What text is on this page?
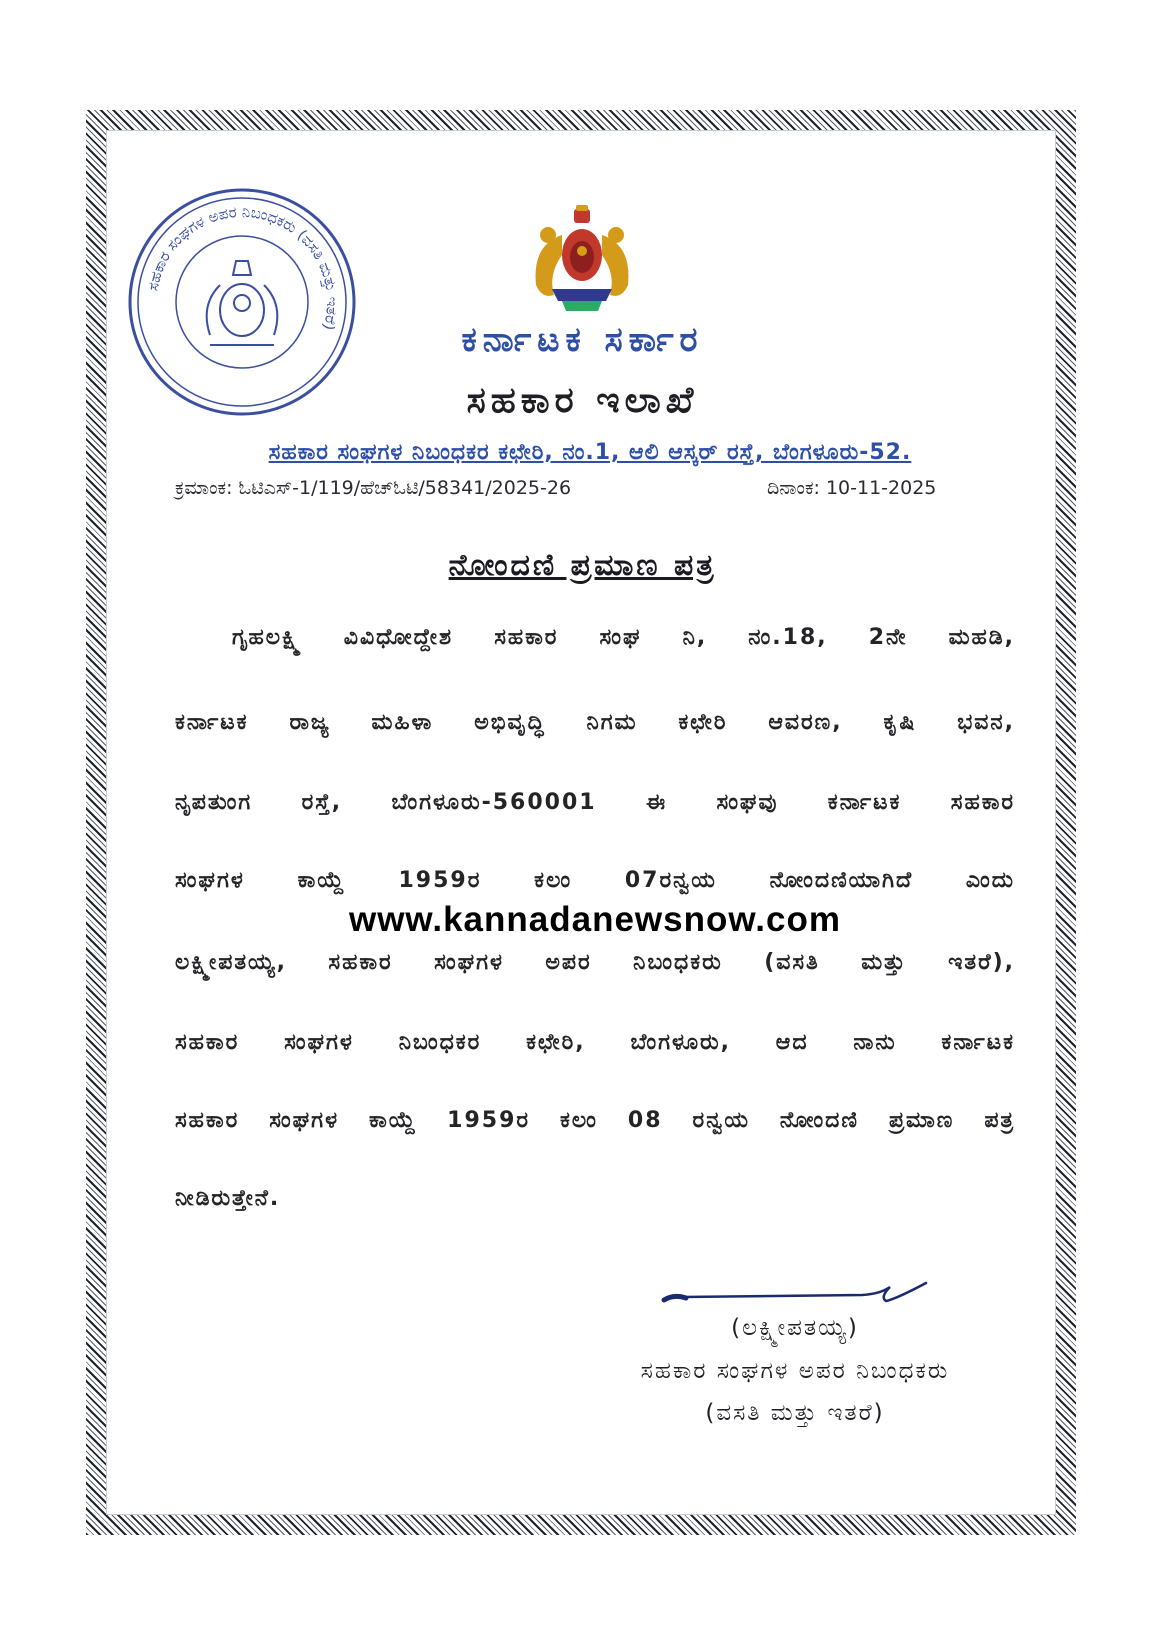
ಸಹಕಾರ ಸಂಘಗಳ ಅಪರ ನಿಬಂಧಕರು (ವಸತಿ ಮತ್ತು ಇತರೆ)	ಕರ್ನಾಟಕ ಸರ್ಕಾರ
ಸಹಕಾರ ಇಲಾಖೆ
ಸಹಕಾರ ಸಂಘಗಳ ನಿಬಂಧಕರ ಕಛೇರಿ, ನಂ.1, ಆಲಿ ಆಸ್ಕರ್ ರಸ್ತೆ, ಬೆಂಗಳೂರು-52.
ಕ್ರಮಾಂಕ: ಓಟಿಎಸ್-1/119/ಹೆಚ್‌ಓಟಿ/58341/2025-26	ದಿನಾಂಕ: 10-11-2025
ನೋಂದಣಿ ಪ್ರಮಾಣ ಪತ್ರ
ಗೃಹಲಕ್ಷ್ಮಿ ವಿವಿಧೋದ್ದೇಶ ಸಹಕಾರ ಸಂಘ ನಿ, ನಂ.18, 2ನೇ ಮಹಡಿ,
ಕರ್ನಾಟಕ ರಾಜ್ಯ ಮಹಿಳಾ ಅಭಿವೃದ್ಧಿ ನಿಗಮ ಕಛೇರಿ ಆವರಣ, ಕೃಷಿ ಭವನ,
ನೃಪತುಂಗ ರಸ್ತೆ, ಬೆಂಗಳೂರು-560001 ಈ ಸಂಘವು ಕರ್ನಾಟಕ ಸಹಕಾರ
ಸಂಘಗಳ ಕಾಯ್ದೆ 1959ರ ಕಲಂ 07ರನ್ವಯ ನೋಂದಣಿಯಾಗಿದೆ ಎಂದು
www.kannadanewsnow.com
ಲಕ್ಷ್ಮೀಪತಯ್ಯ, ಸಹಕಾರ ಸಂಘಗಳ ಅಪರ ನಿಬಂಧಕರು (ವಸತಿ ಮತ್ತು ಇತರೆ),
ಸಹಕಾರ ಸಂಘಗಳ ನಿಬಂಧಕರ ಕಛೇರಿ, ಬೆಂಗಳೂರು, ಆದ ನಾನು ಕರ್ನಾಟಕ
ಸಹಕಾರ ಸಂಘಗಳ ಕಾಯ್ದೆ 1959ರ ಕಲಂ 08 ರನ್ವಯ ನೋಂದಣಿ ಪ್ರಮಾಣ ಪತ್ರ
ನೀಡಿರುತ್ತೇನೆ.
(ಲಕ್ಷ್ಮೀಪತಯ್ಯ)
ಸಹಕಾರ ಸಂಘಗಳ ಅಪರ ನಿಬಂಧಕರು
(ವಸತಿ ಮತ್ತು ಇತರೆ)
